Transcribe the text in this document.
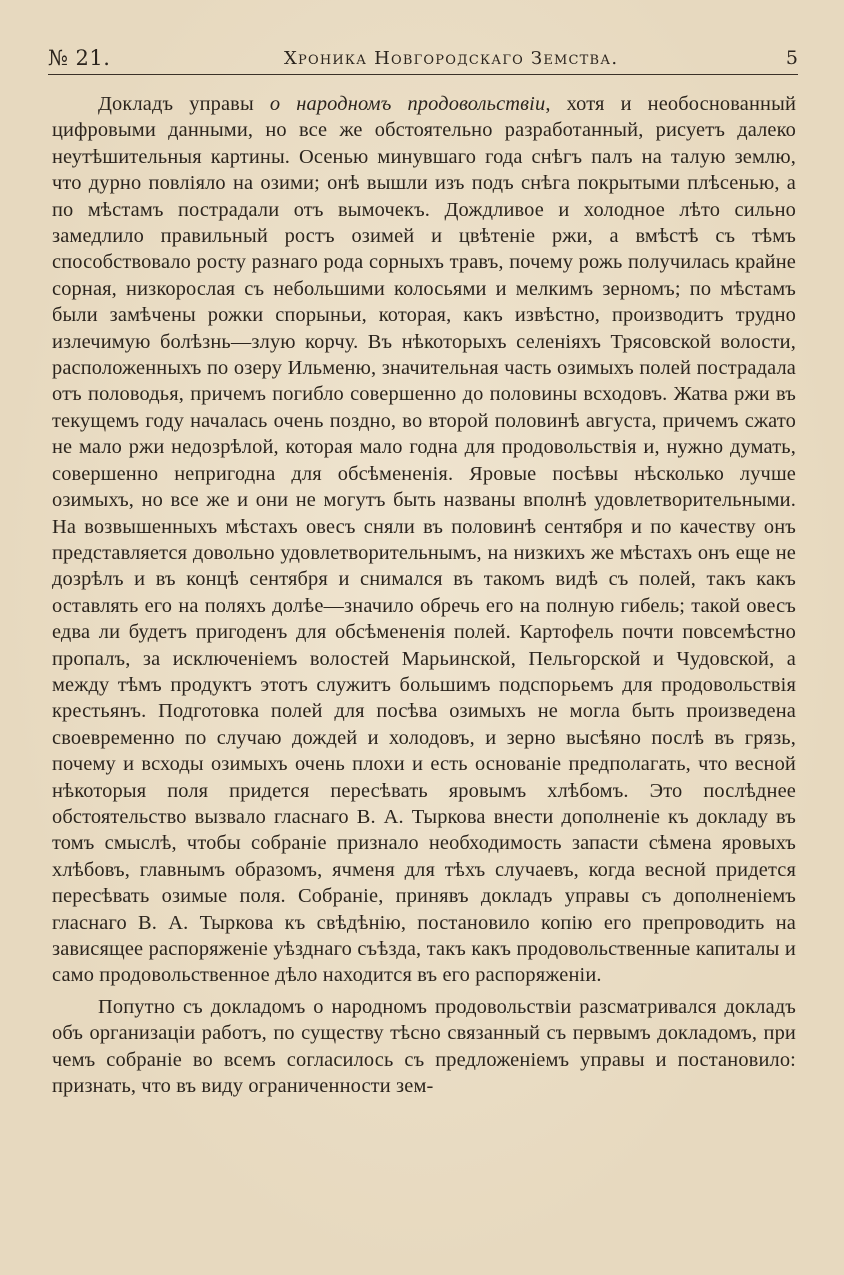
№ 21.	Хроника Новгородскаго Земства.	5

Докладъ управы о народномъ продовольствіи, хотя и необоснованный цифровыми данными, но все же обстоятельно разработанный, рисуетъ далеко неутѣшительныя картины. Осенью минувшаго года снѣгъ палъ на талую землю, что дурно повліяло на озими; онѣ вышли изъ подъ снѣга покрытыми плѣсенью, а по мѣстамъ пострадали отъ вымочекъ. Дождливое и холодное лѣто сильно замедлило правильный ростъ озимей и цвѣтеніе ржи, а вмѣстѣ съ тѣмъ способствовало росту разнаго рода сорныхъ травъ, почему рожь получилась крайне сорная, низкорослая съ небольшими колосьями и мелкимъ зерномъ; по мѣстамъ были замѣчены рожки спорыньи, которая, какъ извѣстно, производитъ трудно излечимую болѣзнь—злую корчу. Въ нѣкоторыхъ селеніяхъ Трясовской волости, расположенныхъ по озеру Ильменю, значительная часть озимыхъ полей пострадала отъ половодья, причемъ погибло совершенно до половины всходовъ. Жатва ржи въ текущемъ году началась очень поздно, во второй половинѣ августа, причемъ сжато не мало ржи недозрѣлой, которая мало годна для продовольствія и, нужно думать, совершенно непригодна для обсѣмененія. Яровые посѣвы нѣсколько лучше озимыхъ, но все же и они не могутъ быть названы вполнѣ удовлетворительными. На возвышенныхъ мѣстахъ овесъ сняли въ половинѣ сентября и по качеству онъ представляется довольно удовлетворительнымъ, на низкихъ же мѣстахъ онъ еще не дозрѣлъ и въ концѣ сентября и снимался въ такомъ видѣ съ полей, такъ какъ оставлять его на поляхъ долѣе—значило обречь его на полную гибель; такой овесъ едва ли будетъ пригоденъ для обсѣмененія полей. Картофель почти повсемѣстно пропалъ, за исключеніемъ волостей Марьинской, Пельгорской и Чудовской, а между тѣмъ продуктъ этотъ служитъ большимъ подспорьемъ для продовольствія крестьянъ. Подготовка полей для посѣва озимыхъ не могла быть произведена своевременно по случаю дождей и холодовъ, и зерно высѣяно послѣ въ грязь, почему и всходы озимыхъ очень плохи и есть основаніе предполагать, что весной нѣкоторыя поля придется пересѣвать яровымъ хлѣбомъ. Это послѣднее обстоятельство вызвало гласнаго В. А. Тыркова внести дополненіе къ докладу въ томъ смыслѣ, чтобы собраніе признало необходимость запасти сѣмена яровыхъ хлѣбовъ, главнымъ образомъ, ячменя для тѣхъ случаевъ, когда весной придется пересѣвать озимые поля. Собраніе, принявъ докладъ управы съ дополненіемъ гласнаго В. А. Тыркова къ свѣдѣнію, постановило копію его препроводить на зависящее распоряженіе уѣзднаго съѣзда, такъ какъ продовольственные капиталы и само продовольственное дѣло находится въ его распоряженіи.

Попутно съ докладомъ о народномъ продовольствіи разсматривался докладъ объ организаціи работъ, по существу тѣсно связанный съ первымъ докладомъ, при чемъ собраніе во всемъ согласилось съ предложеніемъ управы и постановило: признать, что въ виду ограниченности зем-
